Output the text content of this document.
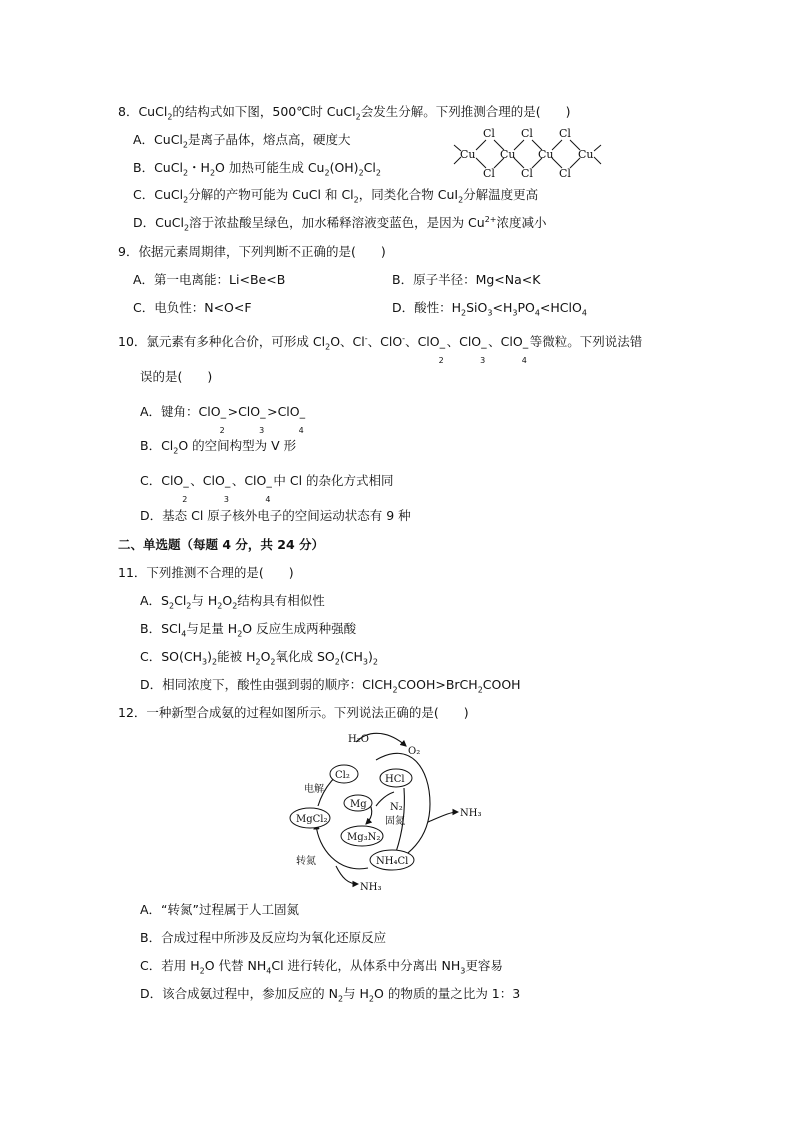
8．CuCl$_2$的结构式如下图，500℃时 CuCl$_2$会发生分解。下列推测合理的是(　　)
A．CuCl$_2$是离子晶体，熔点高，硬度大
B．CuCl$_2$・$H_2O$ 加热可能生成 $Cu_2(OH)_2Cl_2$
C．CuCl$_2$分解的产物可能为 CuCl 和 $Cl_2$，同类化合物 CuI$_2$分解温度更高
D．CuCl$_2$溶于浓盐酸呈绿色，加水稀释溶液变蓝色，是因为 $Cu^{2+}$浓度减小
Cu Cu Cu Cu
Cl Cl Cl
Cl Cl Cl
9．依据元素周期律，下列判断不正确的是(　　)
A．第一电离能：Li<Be<B	B．原子半径：Mg<Na<K
C．电负性：N<O<F	D．酸性：$H_2SiO_3<H_3PO_4<HClO_4$
10．氯元素有多种化合价，可形成 $Cl_2O$、Cl-、ClO-、ClO −
2
、ClO −
3
、ClO −
4
等微粒。下列说法错
误的是(　　)
A．键角：ClO −
2
>ClO −
3
>ClO −
4
B．$Cl_2O$ 的空间构型为 V 形
C．ClO −
2
、ClO −
3
、ClO −
4
中 Cl 的杂化方式相同
D．基态 Cl 原子核外电子的空间运动状态有 9 种
二、单选题（每题 4 分，共 24 分）
11．下列推测不合理的是(　　)
A．$S_2Cl_2$与 $H_2O_2$结构具有相似性
B．SCl$_4$与足量 $H_2O$ 反应生成两种强酸
C．$SO(CH_3)_2$能被 $H_2O_2$氧化成 $SO_2(CH_3)_2$
D．相同浓度下，酸性由强到弱的顺序：ClCH$_2$COOH>BrCH$_2$COOH
12．一种新型合成氨的过程如图所示。下列说法正确的是(　　)
H₂O
O₂
Cl₂	HCl
Mg N₂
固氮
NH₃
MgCl₂
Mg₃N₂
电解
NH₄Cl
转氮
NH₃
A．“转氮”过程属于人工固氮
B．合成过程中所涉及反应均为氧化还原反应
C．若用 $H_2O$ 代替 $NH_4Cl$ 进行转化，从体系中分离出 $NH_3$更容易
D．该合成氨过程中，参加反应的 $N_2$与 $H_2O$ 的物质的量之比为 1：3
